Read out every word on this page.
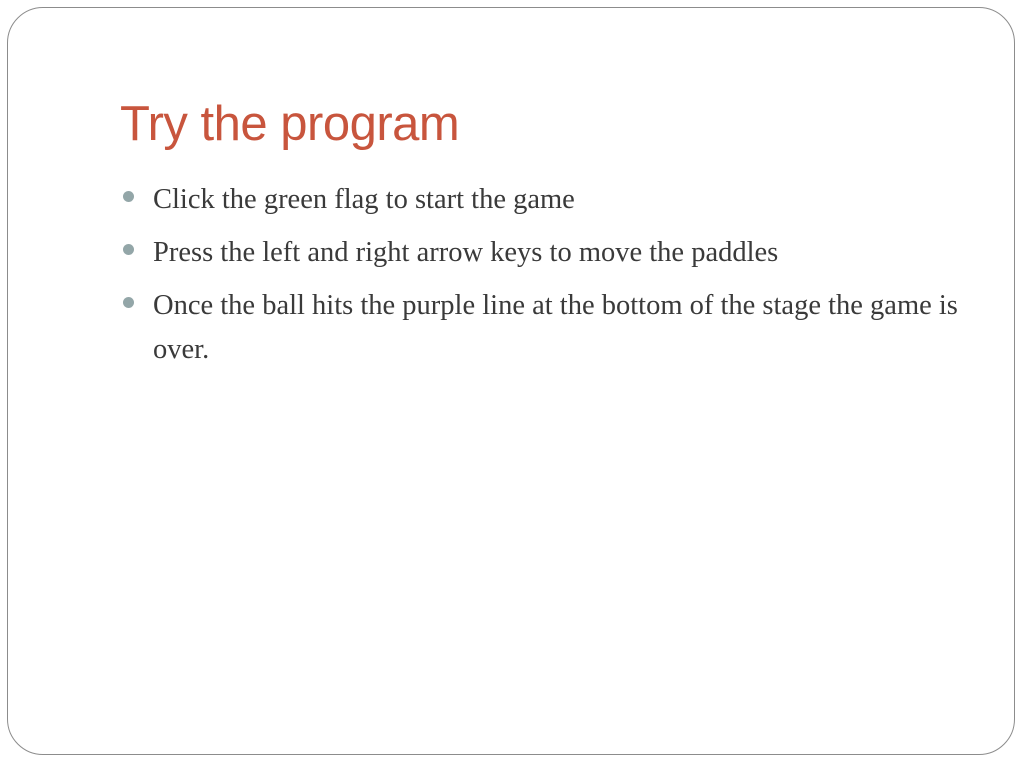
Try the program
Click the green flag to start the game
Press the left and right arrow keys to move the paddles
Once the ball hits the purple line at the bottom of the stage the game is over.
